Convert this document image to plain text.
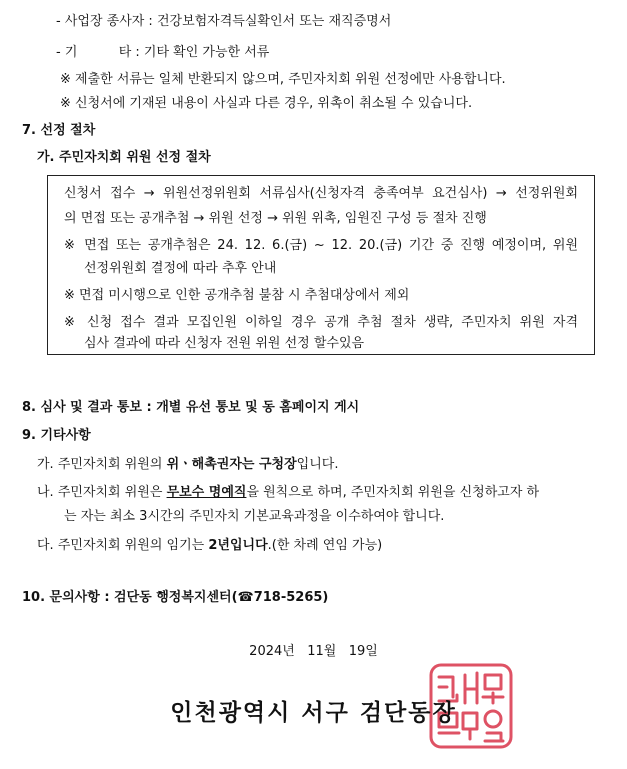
- 사업장 종사자 : 건강보험자격득실확인서 또는 재직증명서
- 기          타 : 기타 확인 가능한 서류
※ 제출한 서류는 일체 반환되지 않으며, 주민자치회 위원 선정에만 사용합니다.
※ 신청서에 기재된 내용이 사실과 다른 경우, 위촉이 취소될 수 있습니다.
7. 선정 절차
가. 주민자치회 위원 선정 절차
신청서 접수 → 위원선정위원회 서류심사(신청자격 충족여부 요건심사) → 선정위원회
의 면접 또는 공개추첨 → 위원 선정 → 위원 위촉, 임원진 구성 등 절차 진행
※ 면접 또는 공개추첨은 24. 12. 6.(금) ~ 12. 20.(금) 기간 중 진행 예정이며, 위원
선정위원회 결정에 따라 추후 안내
※ 면접 미시행으로 인한 공개추첨 불참 시 추첨대상에서 제외
※ 신청 접수 결과 모집인원 이하일 경우 공개 추첨 절차 생략, 주민자치 위원 자격
심사 결과에 따라 신청자 전원 위원 선정 할수있음
8. 심사 및 결과 통보 : 개별 유선 통보 및 동 홈페이지 게시
9. 기타사항
가. 주민자치회 위원의 위ㆍ해촉권자는 구청장입니다.
나. 주민자치회 위원은 무보수 명예직을 원칙으로 하며, 주민자치회 위원을 신청하고자 하
는 자는 최소 3시간의 주민자치 기본교육과정을 이수하여야 합니다.
다. 주민자치회 위원의 임기는 2년입니다.(한 차례 연임 가능)
10. 문의사항 : 검단동 행정복지센터(☎718-5265)
2024년   11월   19일
인천광역시 서구 검단동장
